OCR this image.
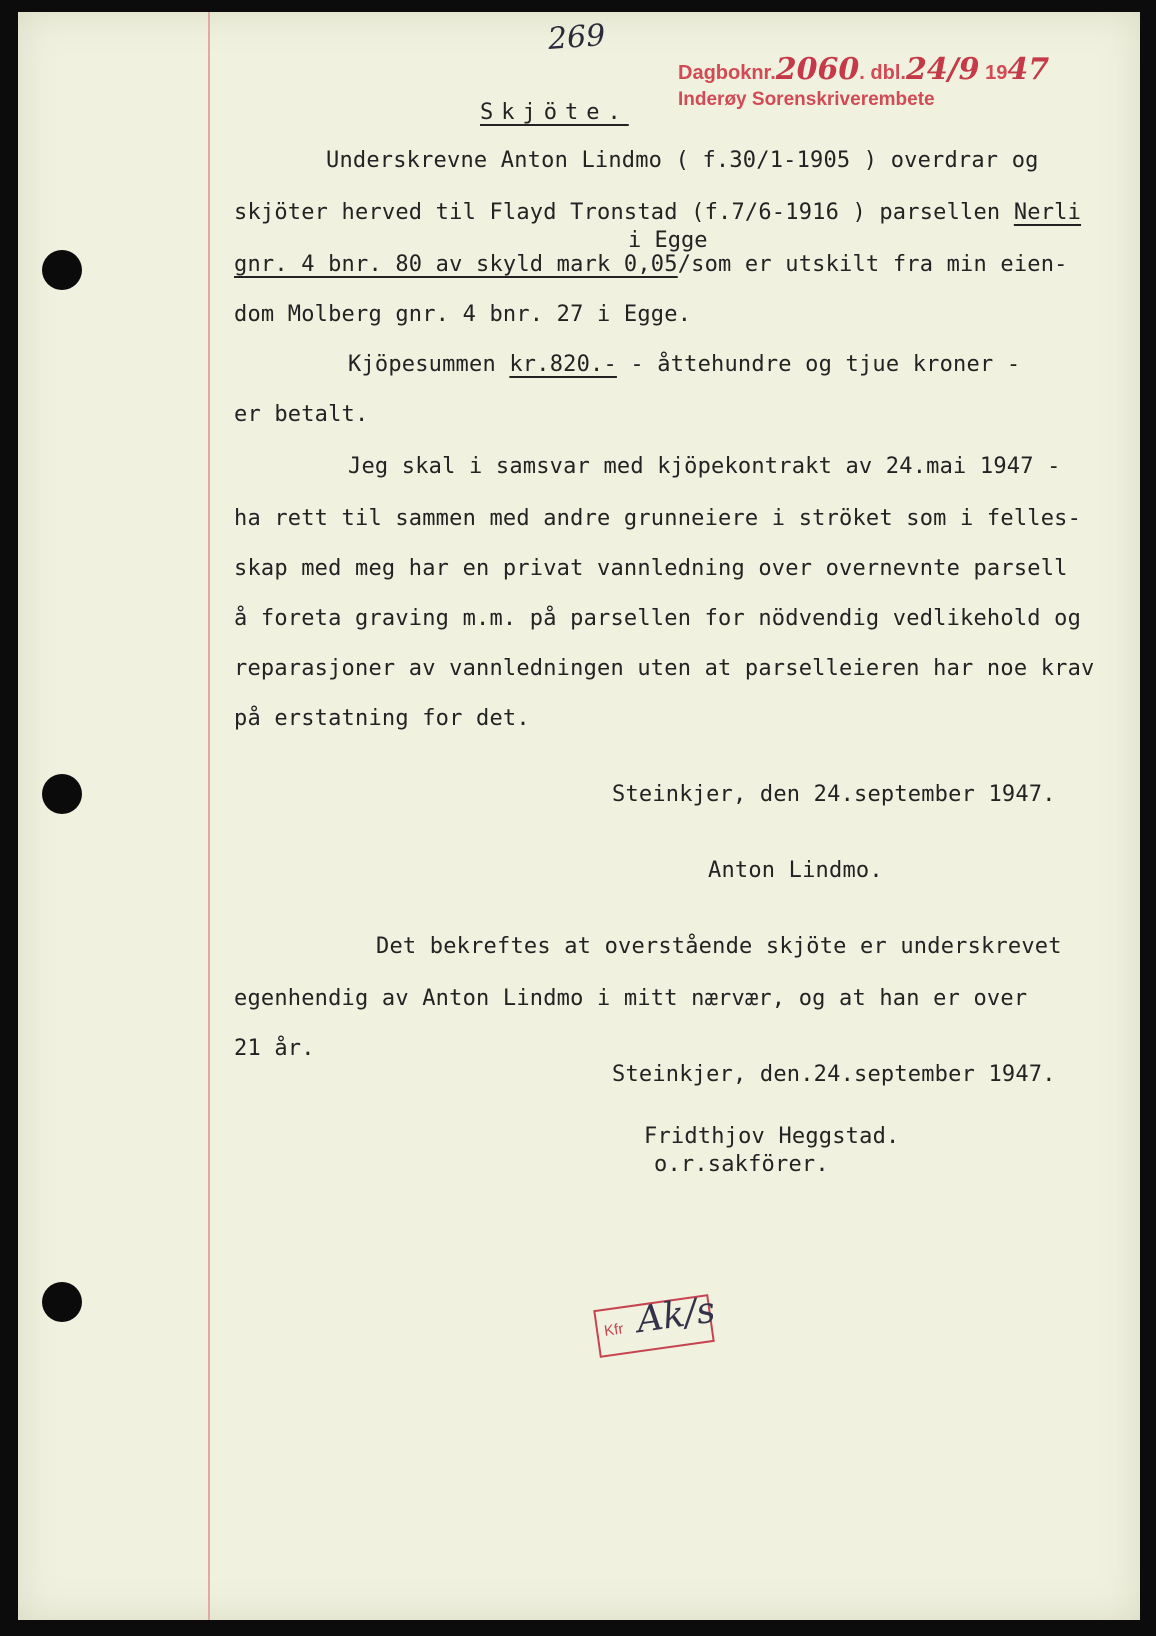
269
Dagboknr.2060. dbl.24/9 1947
Inderøy Sorenskriverembete
Skjöte.
Underskrevne Anton Lindmo ( f.30/1-1905 ) overdrar og
skjöter herved til Flayd Tronstad (f.7/6-1916 ) parsellen Nerli
i Egge
gnr. 4 bnr. 80 av skyld mark 0,05/som er utskilt fra min eien-
dom Molberg gnr. 4 bnr. 27 i Egge.
Kjöpesummen kr.820.- - åttehundre og tjue kroner -
er betalt.
Jeg skal i samsvar med kjöpekontrakt av 24.mai 1947 -
ha rett til sammen med andre grunneiere i ströket som i felles-
skap med meg har en privat vannledning over overnevnte parsell
å foreta graving m.m. på parsellen for nödvendig vedlikehold og
reparasjoner av vannledningen uten at parselleieren har noe krav
på erstatning for det.
Steinkjer, den 24.september 1947.
Anton Lindmo.
Det bekreftes at overstående skjöte er underskrevet
egenhendig av Anton Lindmo i mitt nærvær, og at han er over
21 år.
Steinkjer, den.24.september 1947.
Fridthjov Heggstad.
o.r.sakförer.
Kfr Ak/s
